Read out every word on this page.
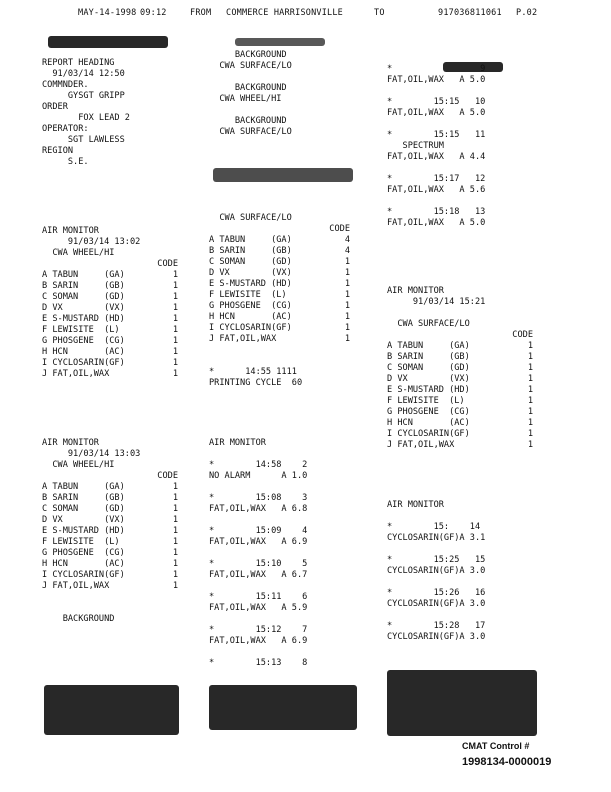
MAY-14-1998 09:12	FROM COMMERCE HARRISONVILLE	TO	917036811061 P.02
REPORT HEADING
91/03/14 12:50
COMMNDER.
GYSGT GRIPP
ORDER
FOX LEAD 2
OPERATOR:
SGT LAWLESS
REGION
S.E.
AIR MONITOR
91/03/14 13:02
CWA WHEEL/HI
CODE
A TABUN     (GA)	1
B SARIN     (GB)	1
C SOMAN     (GD)	1
D VX        (VX)	1
E S-MUSTARD (HD)	1
F LEWISITE  (L)	1
G PHOSGENE  (CG)	1
H HCN       (AC)	1
I CYCLOSARIN(GF)	1
J FAT,OIL,WAX	1
AIR MONITOR
91/03/14 13:03
CWA WHEEL/HI
CODE
A TABUN     (GA)	1
B SARIN     (GB)	1
C SOMAN     (GD)	1
D VX        (VX)	1
E S-MUSTARD (HD)	1
F LEWISITE  (L)	1
G PHOSGENE  (CG)	1
H HCN       (AC)	1
I CYCLOSARIN(GF)	1
J FAT,OIL,WAX	1
BACKGROUND
BACKGROUND
CWA SURFACE/LO
BACKGROUND
CWA WHEEL/HI
BACKGROUND
CWA SURFACE/LO
CWA SURFACE/LO
CODE
A TABUN     (GA)	4
B SARIN     (GB)	4
C SOMAN     (GD)	1
D VX        (VX)	1
E S-MUSTARD (HD)	1
F LEWISITE  (L)	1
G PHOSGENE  (CG)	1
H HCN       (AC)	1
I CYCLOSARIN(GF)	1
J FAT,OIL,WAX	1
*      14:55 1111
PRINTING CYCLE  60
AIR MONITOR
*        14:58    2
NO ALARM      A 1.0
*        15:08    3
FAT,OIL,WAX   A 6.8
*        15:09    4
FAT,OIL,WAX   A 6.9
*        15:10    5
FAT,OIL,WAX   A 6.7
*        15:11    6
FAT,OIL,WAX   A 5.9
*        15:12    7
FAT,OIL,WAX   A 6.9
*        15:13    8
*                 9
FAT,OIL,WAX   A 5.0
*        15:15   10
FAT,OIL,WAX   A 5.0
*        15:15   11
SPECTRUM
FAT,OIL,WAX   A 4.4
*        15:17   12
FAT,OIL,WAX   A 5.6
*        15:18   13
FAT,OIL,WAX   A 5.0
AIR MONITOR
91/03/14 15:21
CWA SURFACE/LO
CODE
A TABUN     (GA)	1
B SARIN     (GB)	1
C SOMAN     (GD)	1
D VX        (VX)	1
E S-MUSTARD (HD)	1
F LEWISITE  (L)	1
G PHOSGENE  (CG)	1
H HCN       (AC)	1
I CYCLOSARIN(GF)	1
J FAT,OIL,WAX	1
AIR MONITOR
*        15:    14
CYCLOSARIN(GF)A 3.1
*        15:25   15
CYCLOSARIN(GF)A 3.0
*        15:26   16
CYCLOSARIN(GF)A 3.0
*        15:28   17
CYCLOSARIN(GF)A 3.0
CMAT Control #
1998134-0000019
